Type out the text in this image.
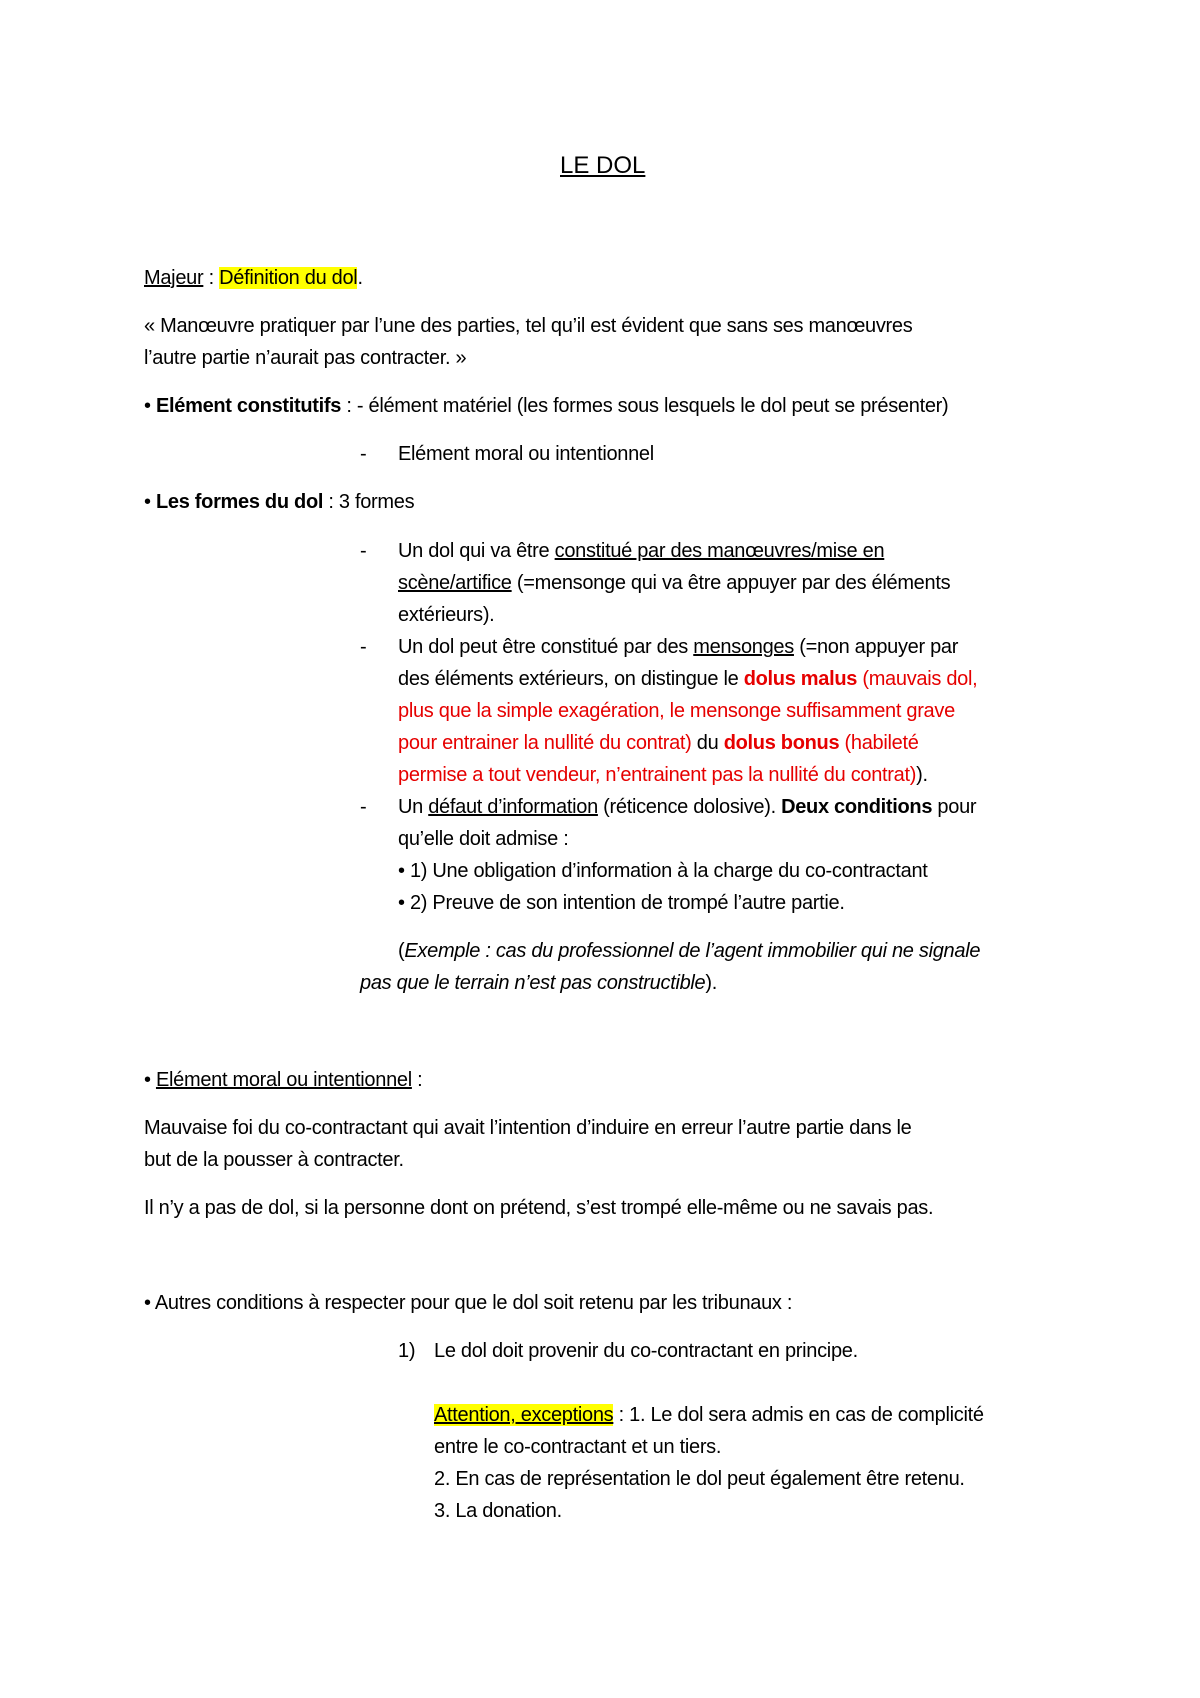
LE DOL
Majeur : Définition du dol.
« Manœuvre pratiquer par l’une des parties, tel qu’il est évident que sans ses manœuvres
l’autre partie n’aurait pas contracter. »
• Elément constitutifs : - élément matériel (les formes sous lesquels le dol peut se présenter)
- Elément moral ou intentionnel
• Les formes du dol : 3 formes
- Un dol qui va être constitué par des manœuvres/mise en
scène/artifice (=mensonge qui va être appuyer par des éléments
extérieurs).
- Un dol peut être constitué par des mensonges (=non appuyer par
des éléments extérieurs, on distingue le dolus malus (mauvais dol,
plus que la simple exagération, le mensonge suffisamment grave
pour entrainer la nullité du contrat) du dolus bonus (habileté
permise a tout vendeur, n’entrainent pas la nullité du contrat)).
- Un défaut d’information (réticence dolosive). Deux conditions pour
qu’elle doit admise :
• 1) Une obligation d’information à la charge du co-contractant
• 2) Preuve de son intention de trompé l’autre partie.
(Exemple : cas du professionnel de l’agent immobilier qui ne signale
pas que le terrain n’est pas constructible).
• Elément moral ou intentionnel :
Mauvaise foi du co-contractant qui avait l’intention d’induire en erreur l’autre partie dans le
but de la pousser à contracter.
Il n’y a pas de dol, si la personne dont on prétend, s’est trompé elle-même ou ne savais pas.
• Autres conditions à respecter pour que le dol soit retenu par les tribunaux :
1) Le dol doit provenir du co-contractant en principe.
Attention, exceptions : 1. Le dol sera admis en cas de complicité
entre le co-contractant et un tiers.
2. En cas de représentation le dol peut également être retenu.
3. La donation.
